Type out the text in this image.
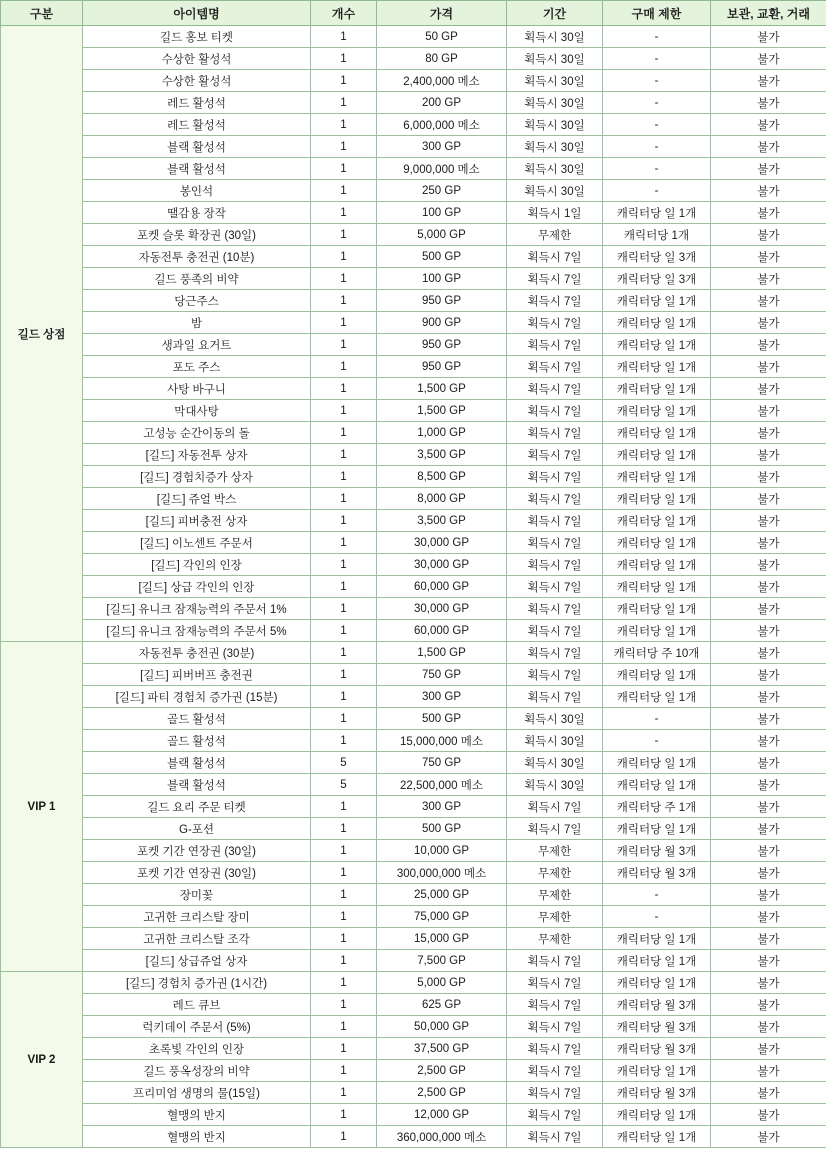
구분	아이템명	개수	가격	기간	구매 제한	보관, 교환, 거래
길드 상점	길드 홍보 티켓	1	50 GP	획득시 30일	-	불가
	수상한 활성석	1	80 GP	획득시 30일	-	불가
	수상한 활성석	1	2,400,000 메소	획득시 30일	-	불가
	레드 활성석	1	200 GP	획득시 30일	-	불가
	레드 활성석	1	6,000,000 메소	획득시 30일	-	불가
	블랙 활성석	1	300 GP	획득시 30일	-	불가
	블랙 활성석	1	9,000,000 메소	획득시 30일	-	불가
	봉인석	1	250 GP	획득시 30일	-	불가
	땔감용 장작	1	100 GP	획득시 1일	캐릭터당 일 1개	불가
	포켓 슬롯 확장권 (30일)	1	5,000 GP	무제한	캐릭터당 1개	불가
	자동전투 충전권 (10분)	1	500 GP	획득시 7일	캐릭터당 일 3개	불가
	길드 풍족의 비약	1	100 GP	획득시 7일	캐릭터당 일 3개	불가
	당근주스	1	950 GP	획득시 7일	캐릭터당 일 1개	불가
	밤	1	900 GP	획득시 7일	캐릭터당 일 1개	불가
	생과일 요거트	1	950 GP	획득시 7일	캐릭터당 일 1개	불가
	포도 주스	1	950 GP	획득시 7일	캐릭터당 일 1개	불가
	사탕 바구니	1	1,500 GP	획득시 7일	캐릭터당 일 1개	불가
	막대사탕	1	1,500 GP	획득시 7일	캐릭터당 일 1개	불가
	고성능 순간이동의 돌	1	1,000 GP	획득시 7일	캐릭터당 일 1개	불가
	[길드] 자동전투 상자	1	3,500 GP	획득시 7일	캐릭터당 일 1개	불가
	[길드] 경험치증가 상자	1	8,500 GP	획득시 7일	캐릭터당 일 1개	불가
	[길드] 쥬얼 박스	1	8,000 GP	획득시 7일	캐릭터당 일 1개	불가
	[길드] 피버충전 상자	1	3,500 GP	획득시 7일	캐릭터당 일 1개	불가
	[길드] 이노센트 주문서	1	30,000 GP	획득시 7일	캐릭터당 일 1개	불가
	[길드] 각인의 인장	1	30,000 GP	획득시 7일	캐릭터당 일 1개	불가
	[길드] 상급 각인의 인장	1	60,000 GP	획득시 7일	캐릭터당 일 1개	불가
	[길드] 유니크 잠재능력의 주문서 1%	1	30,000 GP	획득시 7일	캐릭터당 일 1개	불가
	[길드] 유니크 잠재능력의 주문서 5%	1	60,000 GP	획득시 7일	캐릭터당 일 1개	불가
VIP 1	자동전투 충전권 (30분)	1	1,500 GP	획득시 7일	캐릭터당 주 10개	불가
	[길드] 피버버프 충전권	1	750 GP	획득시 7일	캐릭터당 일 1개	불가
	[길드] 파티 경험치 증가권 (15분)	1	300 GP	획득시 7일	캐릭터당 일 1개	불가
	골드 활성석	1	500 GP	획득시 30일	-	불가
	골드 활성석	1	15,000,000 메소	획득시 30일	-	불가
	블랙 활성석	5	750 GP	획득시 30일	캐릭터당 일 1개	불가
	블랙 활성석	5	22,500,000 메소	획득시 30일	캐릭터당 일 1개	불가
	길드 요리 주문 티켓	1	300 GP	획득시 7일	캐릭터당 주 1개	불가
	G-포션	1	500 GP	획득시 7일	캐릭터당 일 1개	불가
	포켓 기간 연장권 (30일)	1	10,000 GP	무제한	캐릭터당 월 3개	불가
	포켓 기간 연장권 (30일)	1	300,000,000 메소	무제한	캐릭터당 월 3개	불가
	장미꽃	1	25,000 GP	무제한	-	불가
	고귀한 크리스탈 장미	1	75,000 GP	무제한	-	불가
	고귀한 크리스탈 조각	1	15,000 GP	무제한	캐릭터당 일 1개	불가
	[길드] 상급쥬얼 상자	1	7,500 GP	획득시 7일	캐릭터당 일 1개	불가
VIP 2	[길드] 경험치 증가권 (1시간)	1	5,000 GP	획득시 7일	캐릭터당 일 1개	불가
	레드 큐브	1	625 GP	획득시 7일	캐릭터당 월 3개	불가
	럭키데이 주문서 (5%)	1	50,000 GP	획득시 7일	캐릭터당 월 3개	불가
	초록빛 각인의 인장	1	37,500 GP	획득시 7일	캐릭터당 월 3개	불가
	길드 풍옥성장의 비약	1	2,500 GP	획득시 7일	캐릭터당 일 1개	불가
	프리미엄 생명의 물(15일)	1	2,500 GP	획득시 7일	캐릭터당 월 3개	불가
	혈맹의 반지	1	12,000 GP	획득시 7일	캐릭터당 일 1개	불가
	혈맹의 반지	1	360,000,000 메소	획득시 7일	캐릭터당 일 1개	불가
